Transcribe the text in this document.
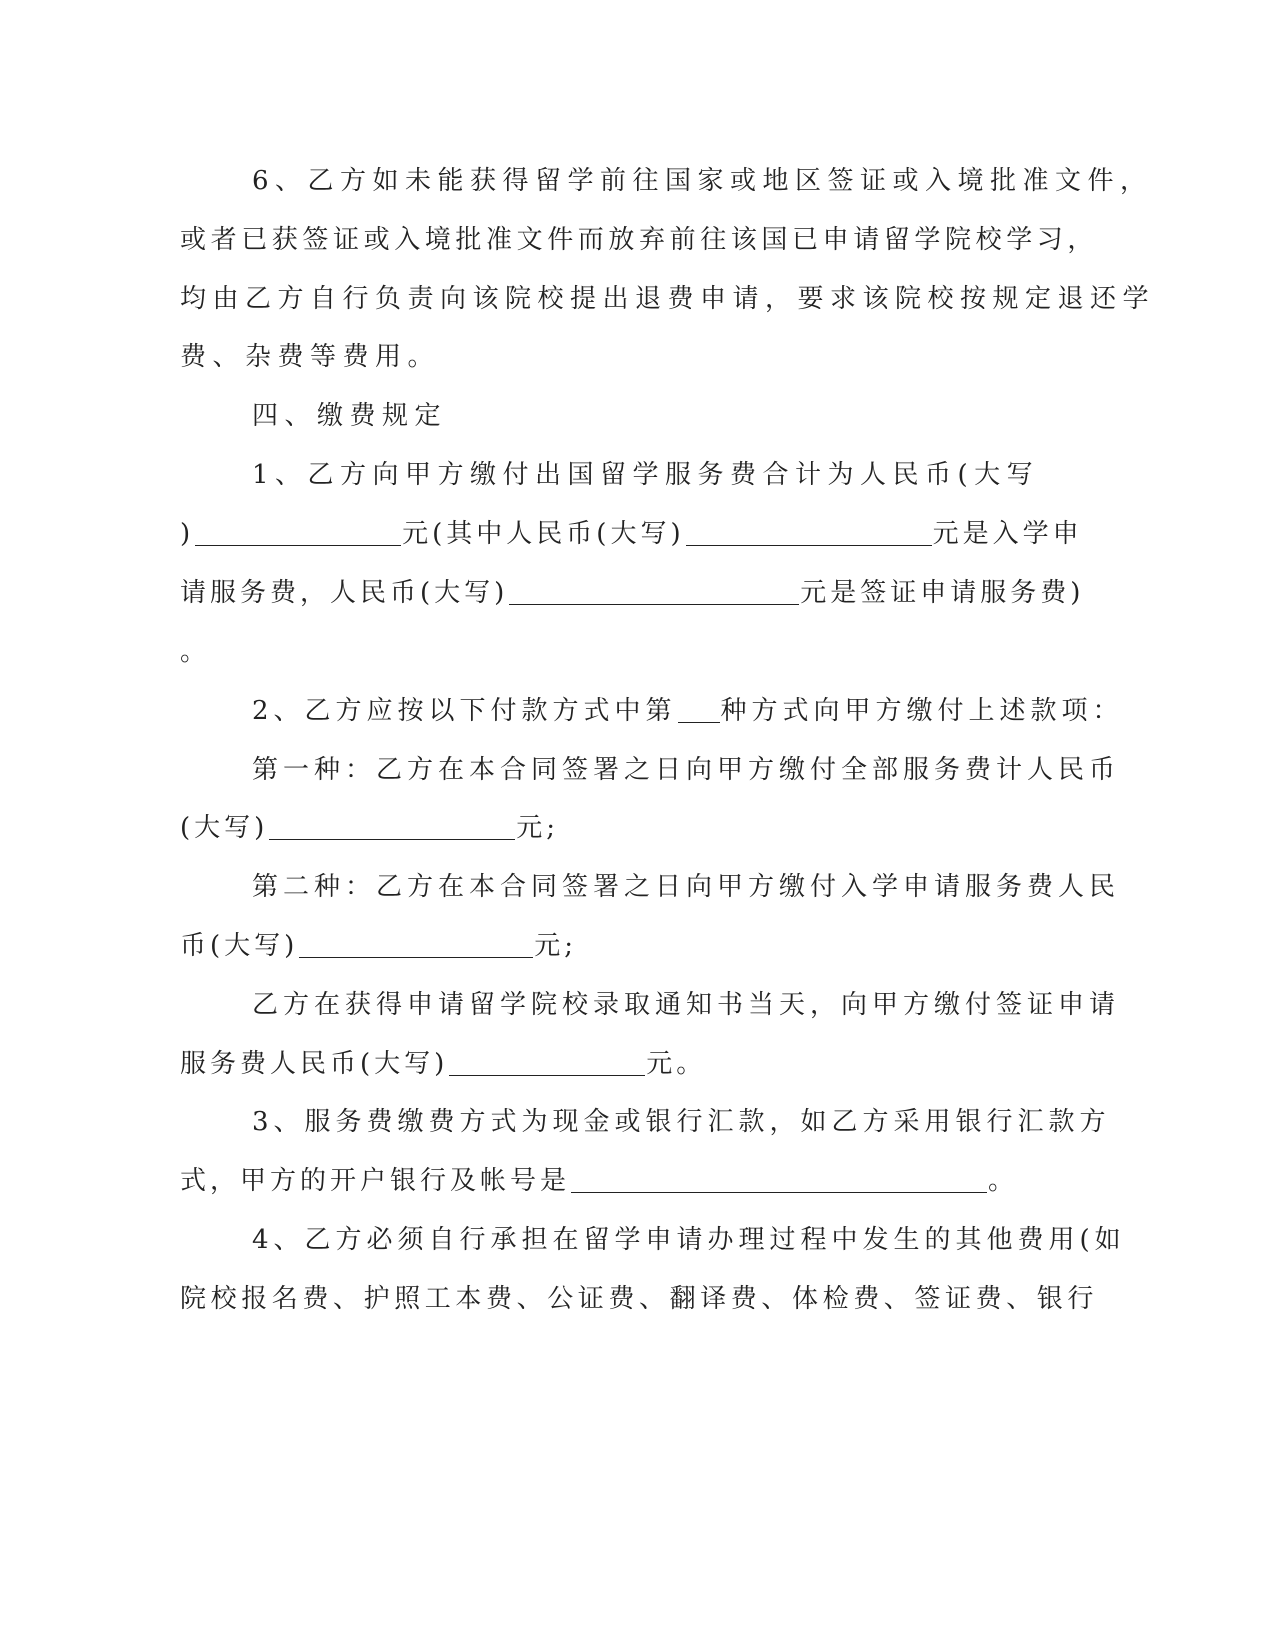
6、乙方如未能获得留学前往国家或地区签证或入境批准文件，

或者已获签证或入境批准文件而放弃前往该国已申请留学院校学习，

均由乙方自行负责向该院校提出退费申请，要求该院校按规定退还学

费、杂费等费用。

四、缴费规定

1、乙方向甲方缴付出国留学服务费合计为人民币(大写

)	元(其中人民币(大写)	元是入学申

请服务费，人民币(大写)	元是签证申请服务费)

。

2、乙方应按以下付款方式中第 种方式向甲方缴付上述款项：

第一种：乙方在本合同签署之日向甲方缴付全部服务费计人民币

(大写)	元;

第二种：乙方在本合同签署之日向甲方缴付入学申请服务费人民

币(大写)	元;

乙方在获得申请留学院校录取通知书当天，向甲方缴付签证申请

服务费人民币(大写)	元。

3、服务费缴费方式为现金或银行汇款，如乙方采用银行汇款方

式，甲方的开户银行及帐号是	。

4、乙方必须自行承担在留学申请办理过程中发生的其他费用(如

院校报名费、护照工本费、公证费、翻译费、体检费、签证费、银行
